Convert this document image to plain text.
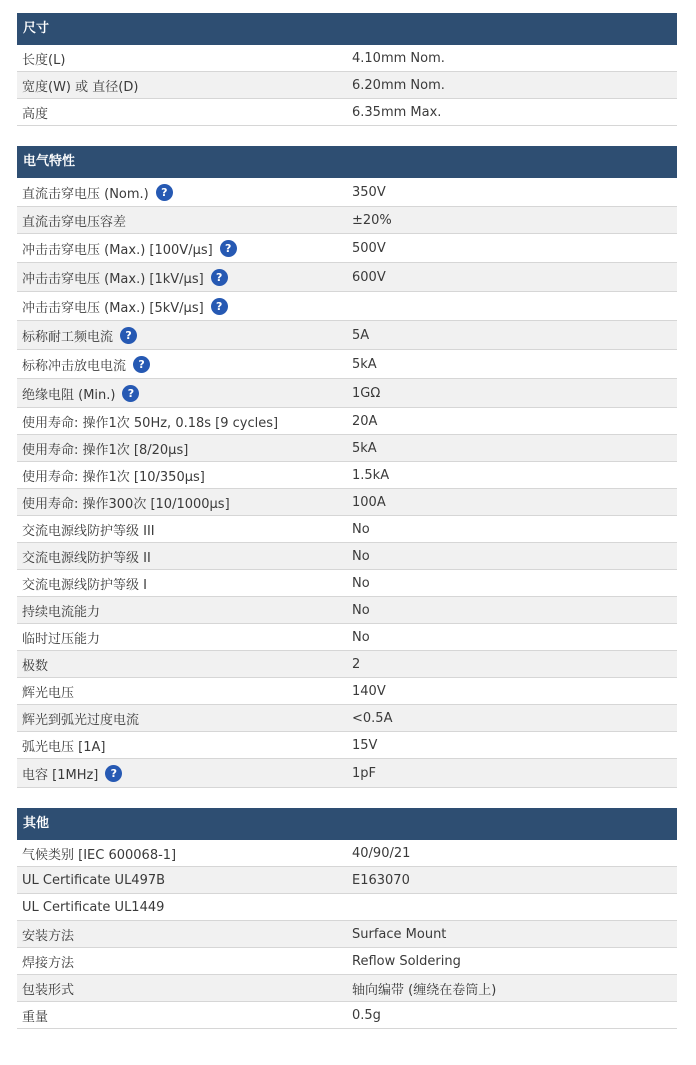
尺寸
长度(L)	4.10mm Nom.
宽度(W) 或 直径(D)	6.20mm Nom.
高度	6.35mm Max.
电气特性
直流击穿电压 (Nom.)	?	350V
直流击穿电压容差	±20%
冲击击穿电压 (Max.) [100V/µs]	?	500V
冲击击穿电压 (Max.) [1kV/µs]	?	600V
冲击击穿电压 (Max.) [5kV/µs]	?
标称耐工频电流	?	5A
标称冲击放电电流	?	5kA
绝缘电阻 (Min.)	?	1GΩ
使用寿命: 操作1次 50Hz, 0.18s [9 cycles]	20A
使用寿命: 操作1次 [8/20µs]	5kA
使用寿命: 操作1次 [10/350µs]	1.5kA
使用寿命: 操作300次 [10/1000µs]	100A
交流电源线防护等级 III	No
交流电源线防护等级 II	No
交流电源线防护等级 I	No
持续电流能力	No
临时过压能力	No
极数	2
辉光电压	140V
辉光到弧光过度电流	<0.5A
弧光电压 [1A]	15V
电容 [1MHz]	?	1pF
其他
气候类别 [IEC 600068-1]	40/90/21
UL Certificate UL497B	E163070
UL Certificate UL1449
安装方法	Surface Mount
焊接方法	Reflow Soldering
包装形式	轴向编带 (缠绕在卷筒上)
重量	0.5g
